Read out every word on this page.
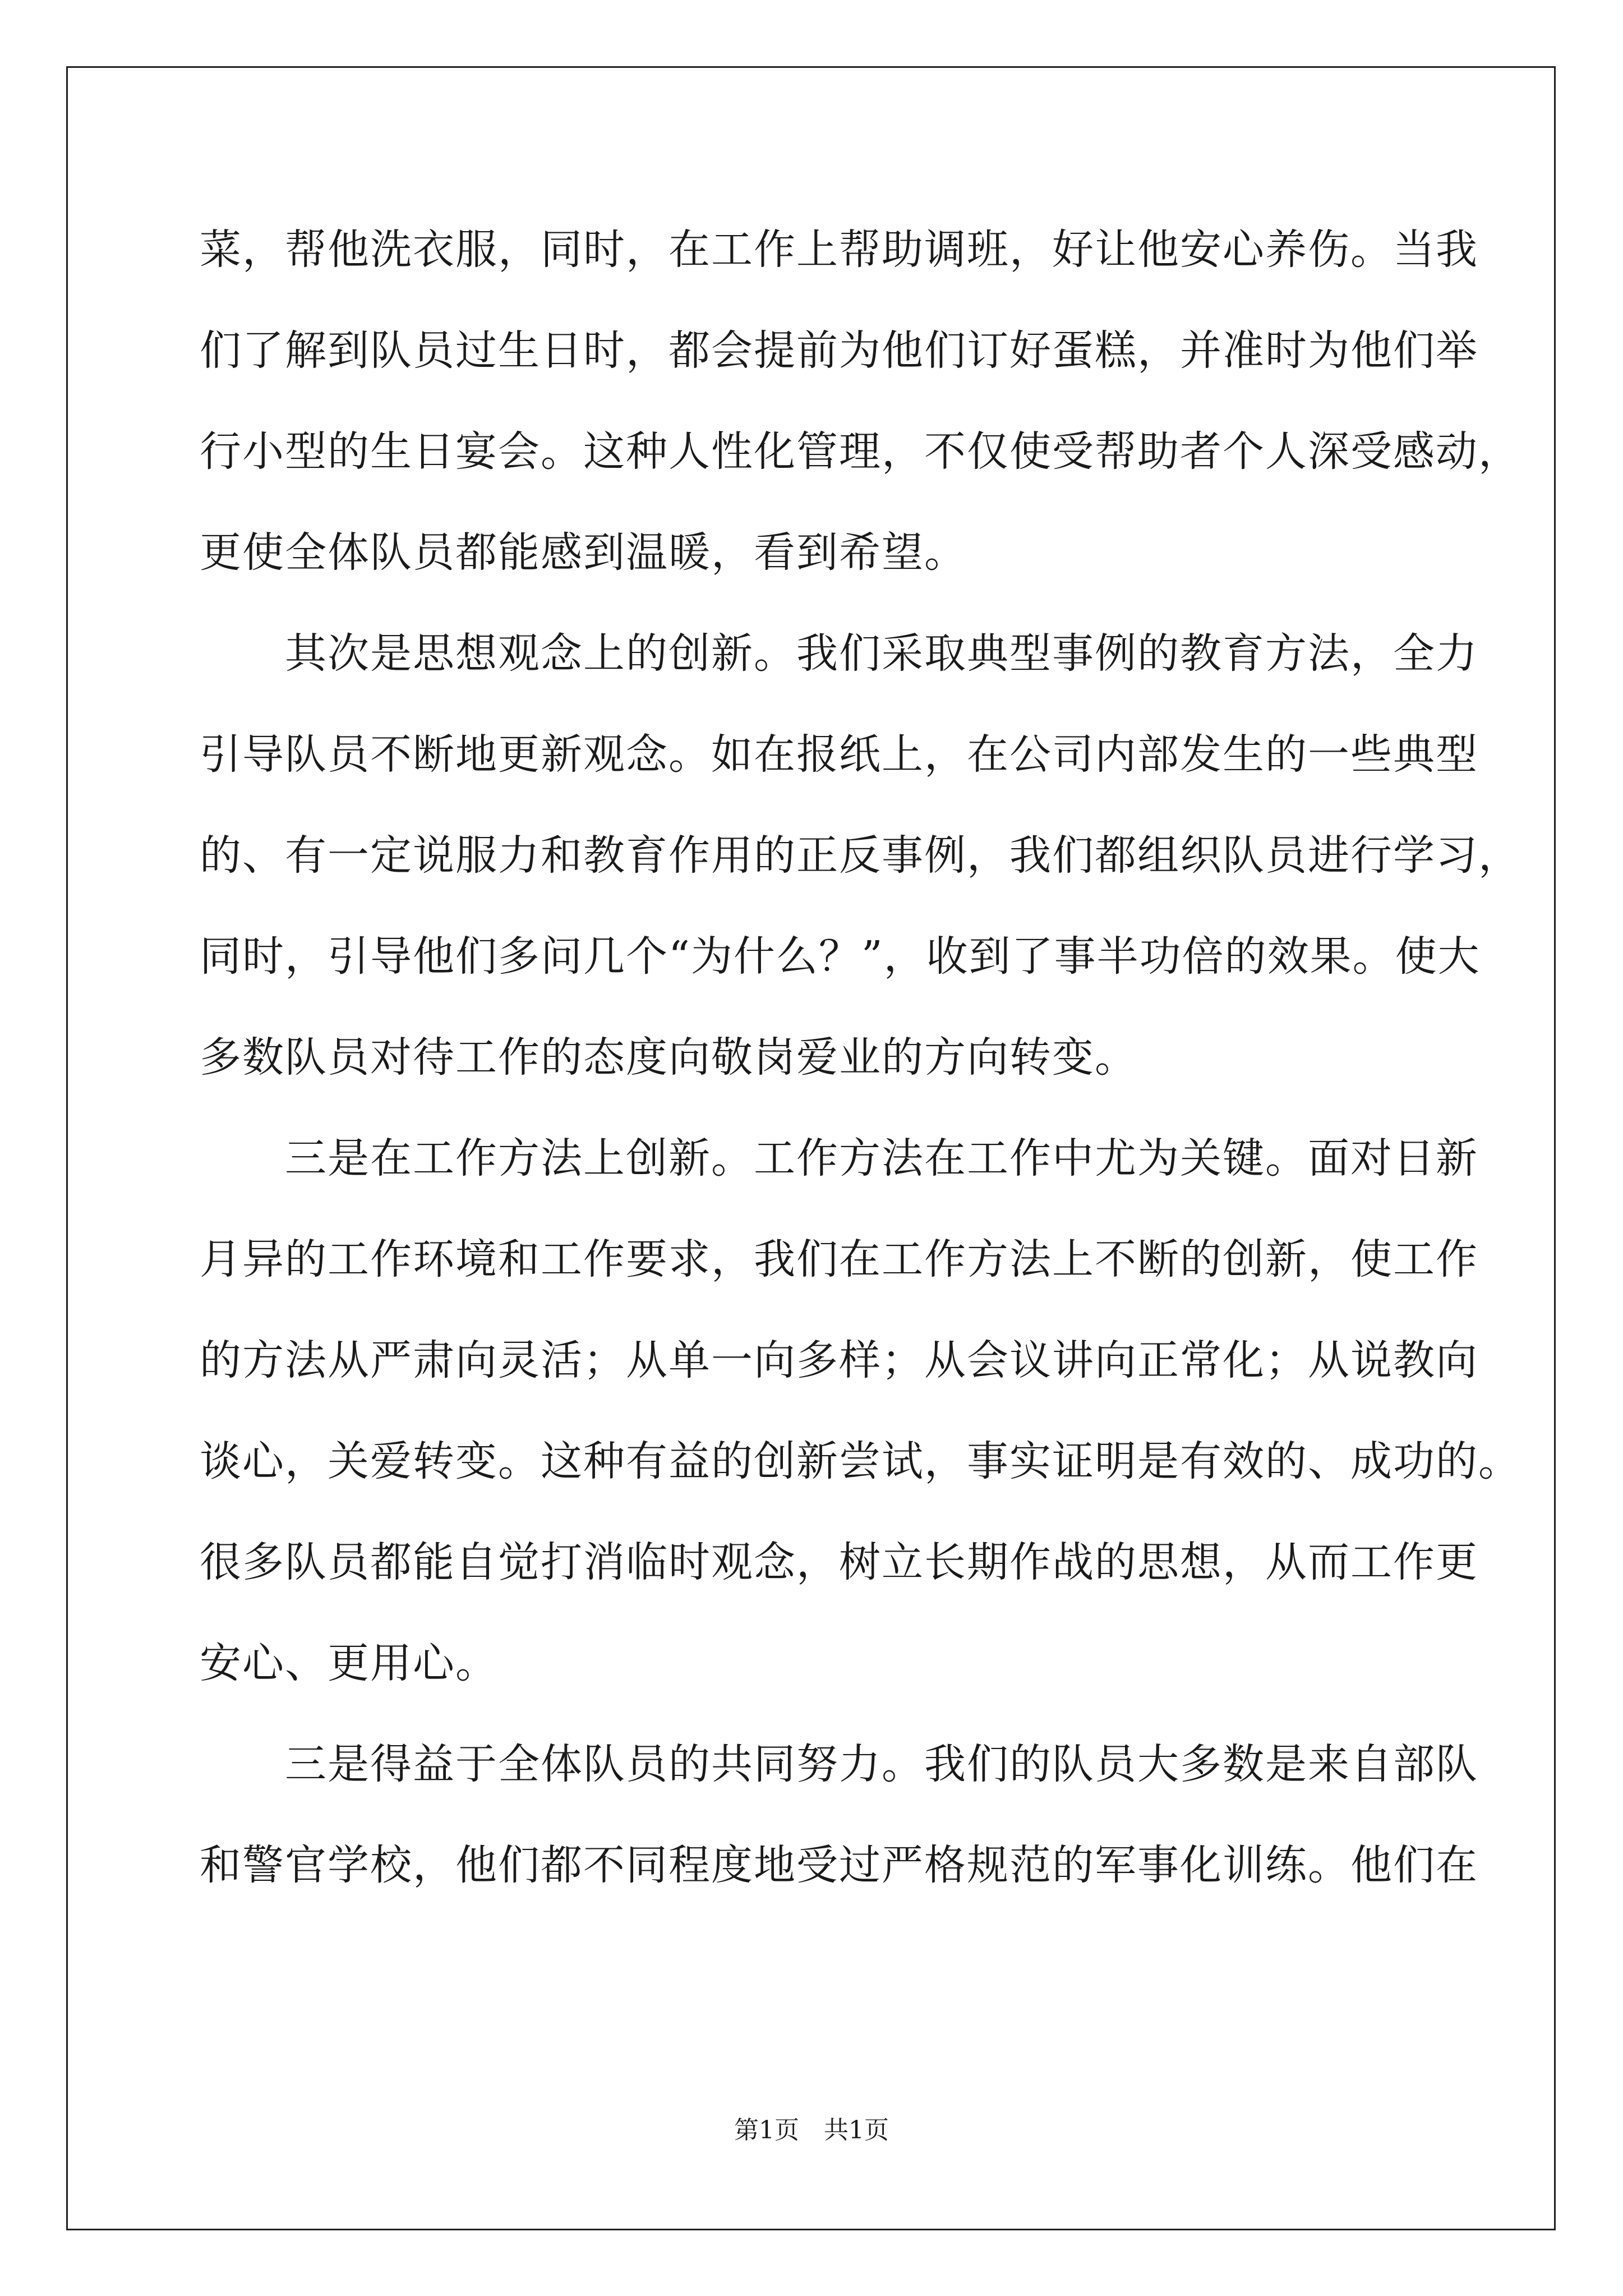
菜，帮他洗衣服，同时，在工作上帮助调班，好让他安心养伤。当我
们了解到队员过生日时，都会提前为他们订好蛋糕，并准时为他们举
行小型的生日宴会。这种人性化管理，不仅使受帮助者个人深受感动，
更使全体队员都能感到温暖，看到希望。
　　其次是思想观念上的创新。我们采取典型事例的教育方法，全力
引导队员不断地更新观念。如在报纸上，在公司内部发生的一些典型
的、有一定说服力和教育作用的正反事例，我们都组织队员进行学习，
同时，引导他们多问几个“为什么？”，收到了事半功倍的效果。使大
多数队员对待工作的态度向敬岗爱业的方向转变。
　　三是在工作方法上创新。工作方法在工作中尤为关键。面对日新
月异的工作环境和工作要求，我们在工作方法上不断的创新，使工作
的方法从严肃向灵活；从单一向多样；从会议讲向正常化；从说教向
谈心，关爱转变。这种有益的创新尝试，事实证明是有效的、成功的。
很多队员都能自觉打消临时观念，树立长期作战的思想，从而工作更
安心、更用心。
　　三是得益于全体队员的共同努力。我们的队员大多数是来自部队
和警官学校，他们都不同程度地受过严格规范的军事化训练。他们在
第1页 共1页
